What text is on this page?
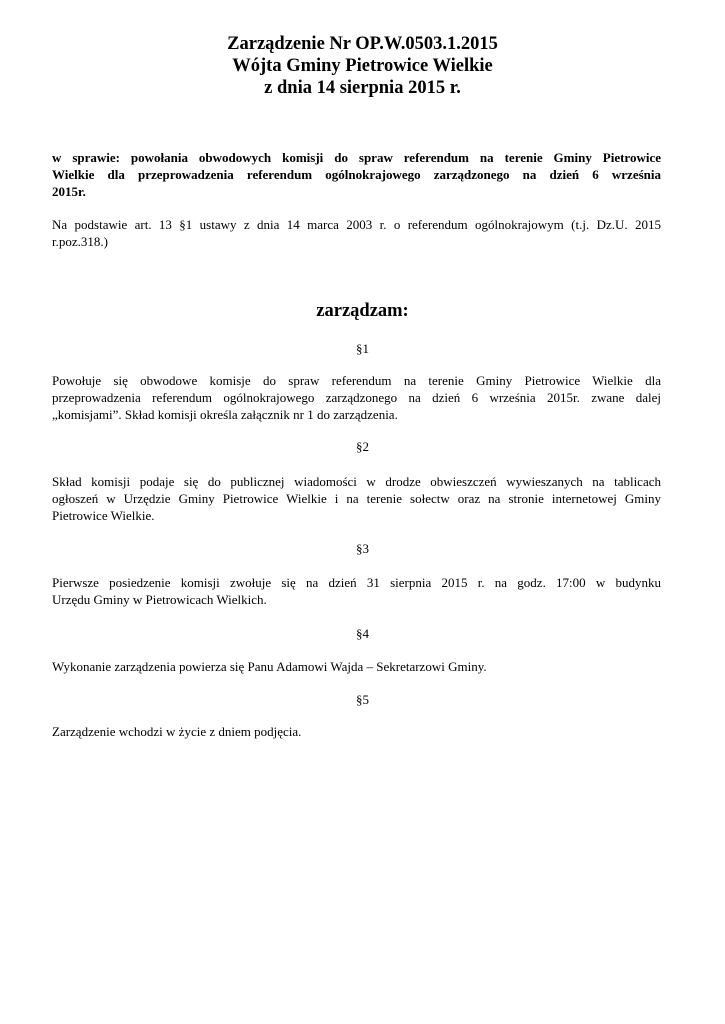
Zarządzenie Nr OP.W.0503.1.2015
Wójta Gminy Pietrowice Wielkie
z dnia 14 sierpnia 2015 r.
w sprawie: powołania obwodowych komisji do spraw referendum na terenie Gminy Pietrowice
Wielkie dla przeprowadzenia referendum ogólnokrajowego zarządzonego na dzień 6 września
2015r.
Na podstawie art. 13 §1 ustawy z dnia 14 marca 2003 r. o referendum ogólnokrajowym (t.j. Dz.U. 2015
r.poz.318.)
zarządzam:
§1
Powołuje się obwodowe komisje do spraw referendum na terenie Gminy Pietrowice Wielkie dla
przeprowadzenia referendum ogólnokrajowego zarządzonego na dzień 6 września 2015r. zwane dalej
„komisjami”. Skład komisji określa załącznik nr 1 do zarządzenia.
§2
Skład komisji podaje się do publicznej wiadomości w drodze obwieszczeń wywieszanych na tablicach
ogłoszeń w Urzędzie Gminy Pietrowice Wielkie i na terenie sołectw oraz na stronie internetowej Gminy
Pietrowice Wielkie.
§3
Pierwsze posiedzenie komisji zwołuje się na dzień 31 sierpnia 2015 r. na godz. 17:00 w budynku
Urzędu Gminy w Pietrowicach Wielkich.
§4
Wykonanie zarządzenia powierza się Panu Adamowi Wajda – Sekretarzowi Gminy.
§5
Zarządzenie wchodzi w życie z dniem podjęcia.
